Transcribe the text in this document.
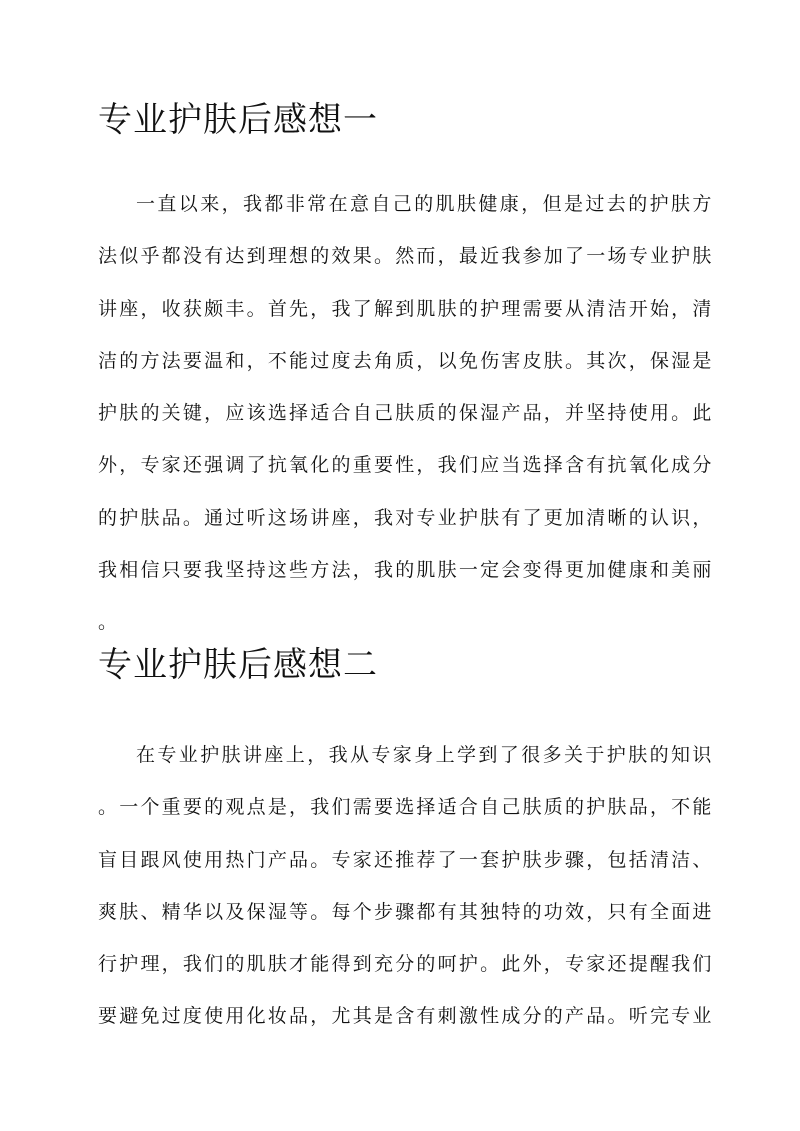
专业护肤后感想一
一直以来，我都非常在意自己的肌肤健康，但是过去的护肤方
法似乎都没有达到理想的效果。然而，最近我参加了一场专业护肤
讲座，收获颇丰。首先，我了解到肌肤的护理需要从清洁开始，清
洁的方法要温和，不能过度去角质，以免伤害皮肤。其次，保湿是
护肤的关键，应该选择适合自己肤质的保湿产品，并坚持使用。此
外，专家还强调了抗氧化的重要性，我们应当选择含有抗氧化成分
的护肤品。通过听这场讲座，我对专业护肤有了更加清晰的认识，
我相信只要我坚持这些方法，我的肌肤一定会变得更加健康和美丽
。
专业护肤后感想二
在专业护肤讲座上，我从专家身上学到了很多关于护肤的知识
。一个重要的观点是，我们需要选择适合自己肤质的护肤品，不能
盲目跟风使用热门产品。专家还推荐了一套护肤步骤，包括清洁、
爽肤、精华以及保湿等。每个步骤都有其独特的功效，只有全面进
行护理，我们的肌肤才能得到充分的呵护。此外，专家还提醒我们
要避免过度使用化妆品，尤其是含有刺激性成分的产品。听完专业
